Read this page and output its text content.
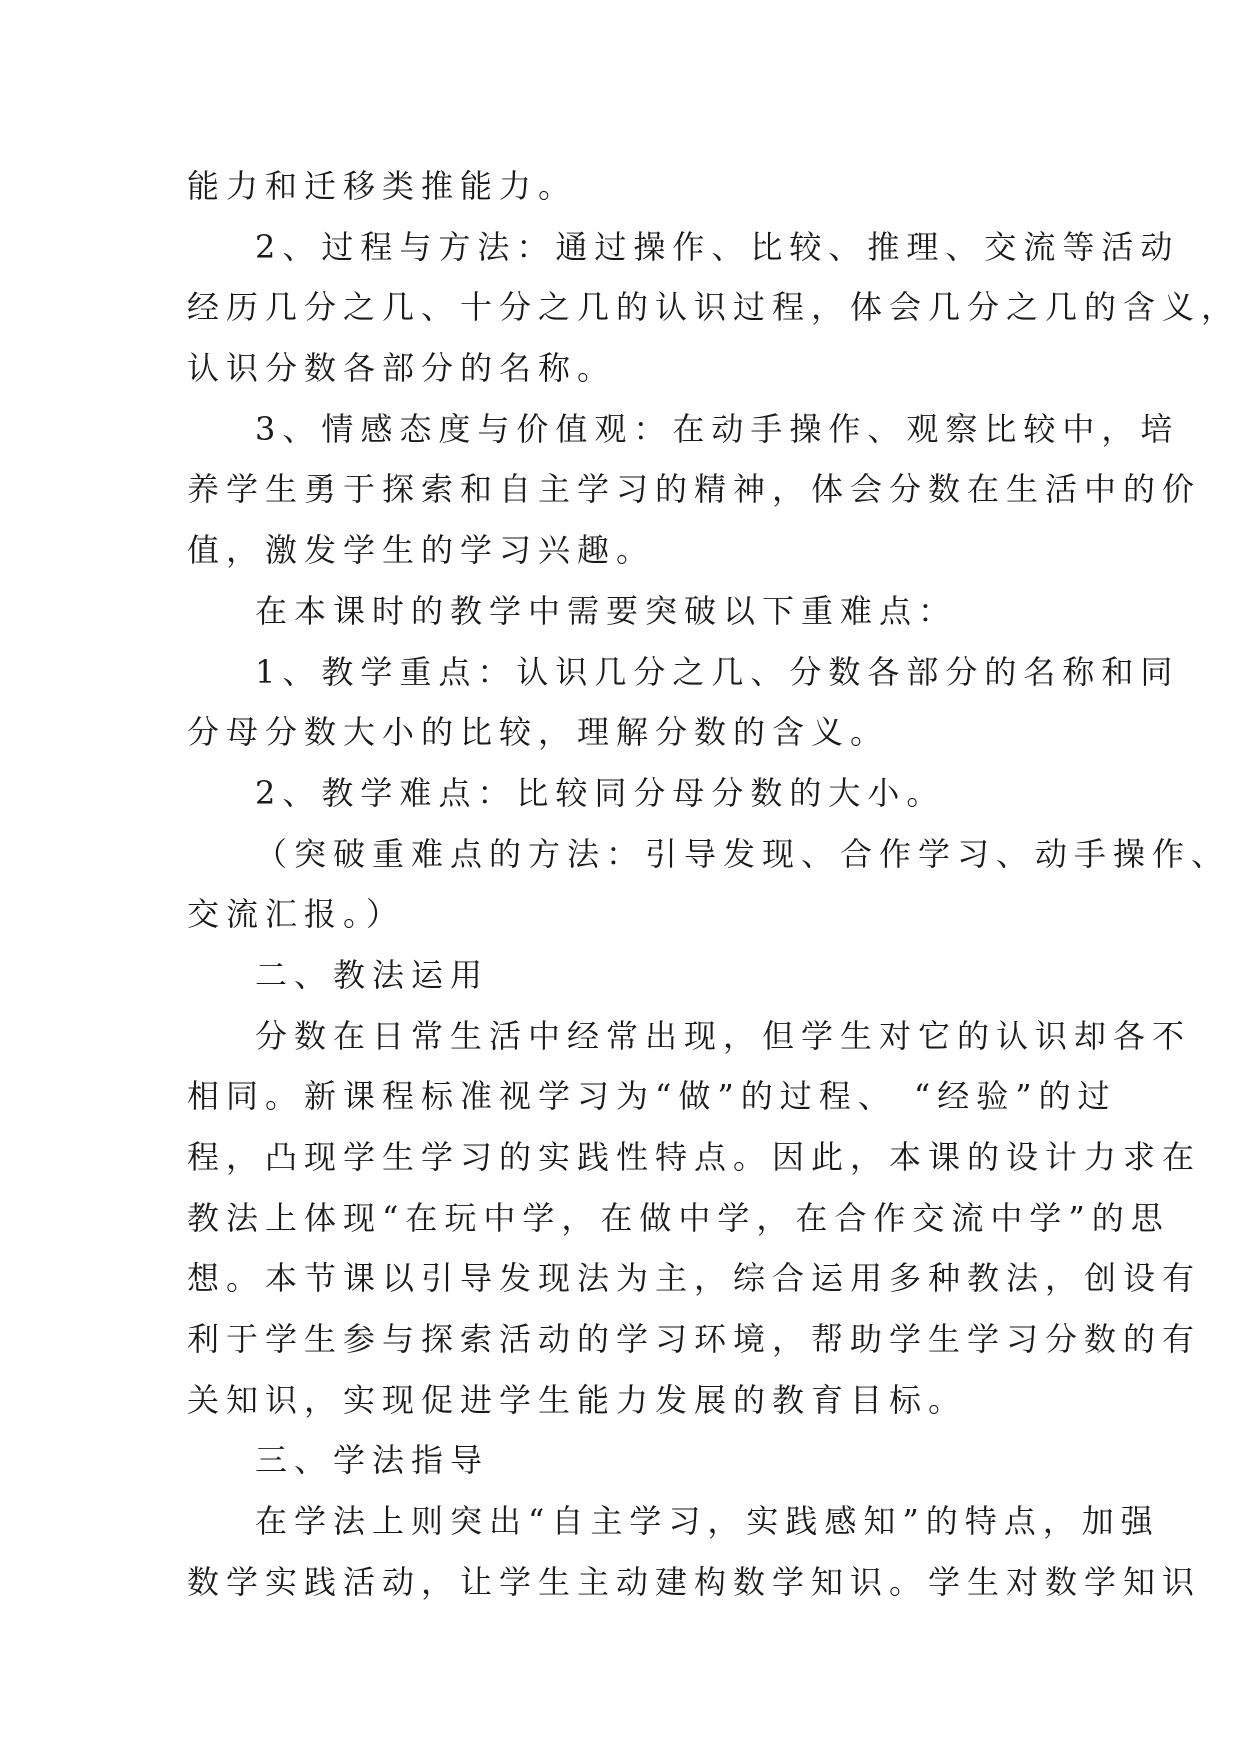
能力和迁移类推能力。
2、过程与方法：通过操作、比较、推理、交流等活动
经历几分之几、十分之几的认识过程，体会几分之几的含义，
认识分数各部分的名称。
3、情感态度与价值观：在动手操作、观察比较中，培
养学生勇于探索和自主学习的精神，体会分数在生活中的价
值，激发学生的学习兴趣。
在本课时的教学中需要突破以下重难点：
1、教学重点：认识几分之几、分数各部分的名称和同
分母分数大小的比较，理解分数的含义。
2、教学难点：比较同分母分数的大小。
（突破重难点的方法：引导发现、合作学习、动手操作、
交流汇报。）
二、教法运用
分数在日常生活中经常出现，但学生对它的认识却各不
相同。新课程标准视学习为“做”的过程、 “经验”的过
程，凸现学生学习的实践性特点。因此，本课的设计力求在
教法上体现“在玩中学，在做中学，在合作交流中学”的思
想。本节课以引导发现法为主，综合运用多种教法，创设有
利于学生参与探索活动的学习环境，帮助学生学习分数的有
关知识，实现促进学生能力发展的教育目标。
三、学法指导
在学法上则突出“自主学习，实践感知”的特点，加强
数学实践活动，让学生主动建构数学知识。学生对数学知识
